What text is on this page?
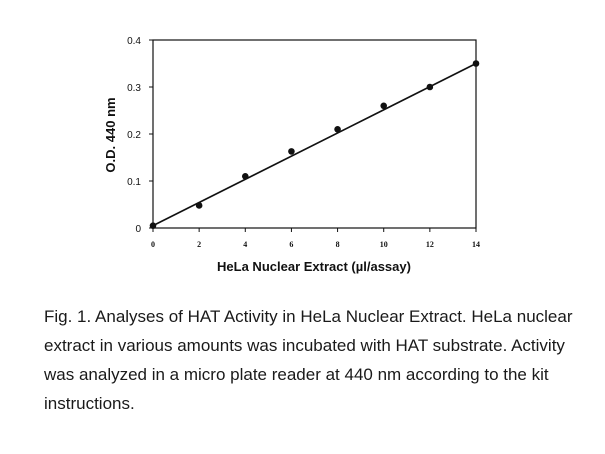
0
0.1
0.2
0.3
0.4
0	2	4	6	8	10	12	14
O.D. 440 nm
HeLa Nuclear Extract (µl/assay)

Fig. 1. Analyses of HAT Activity in HeLa Nuclear Extract. HeLa nuclear extract in various amounts was incubated with HAT substrate. Activity was analyzed in a micro plate reader at 440 nm according to the kit instructions.
